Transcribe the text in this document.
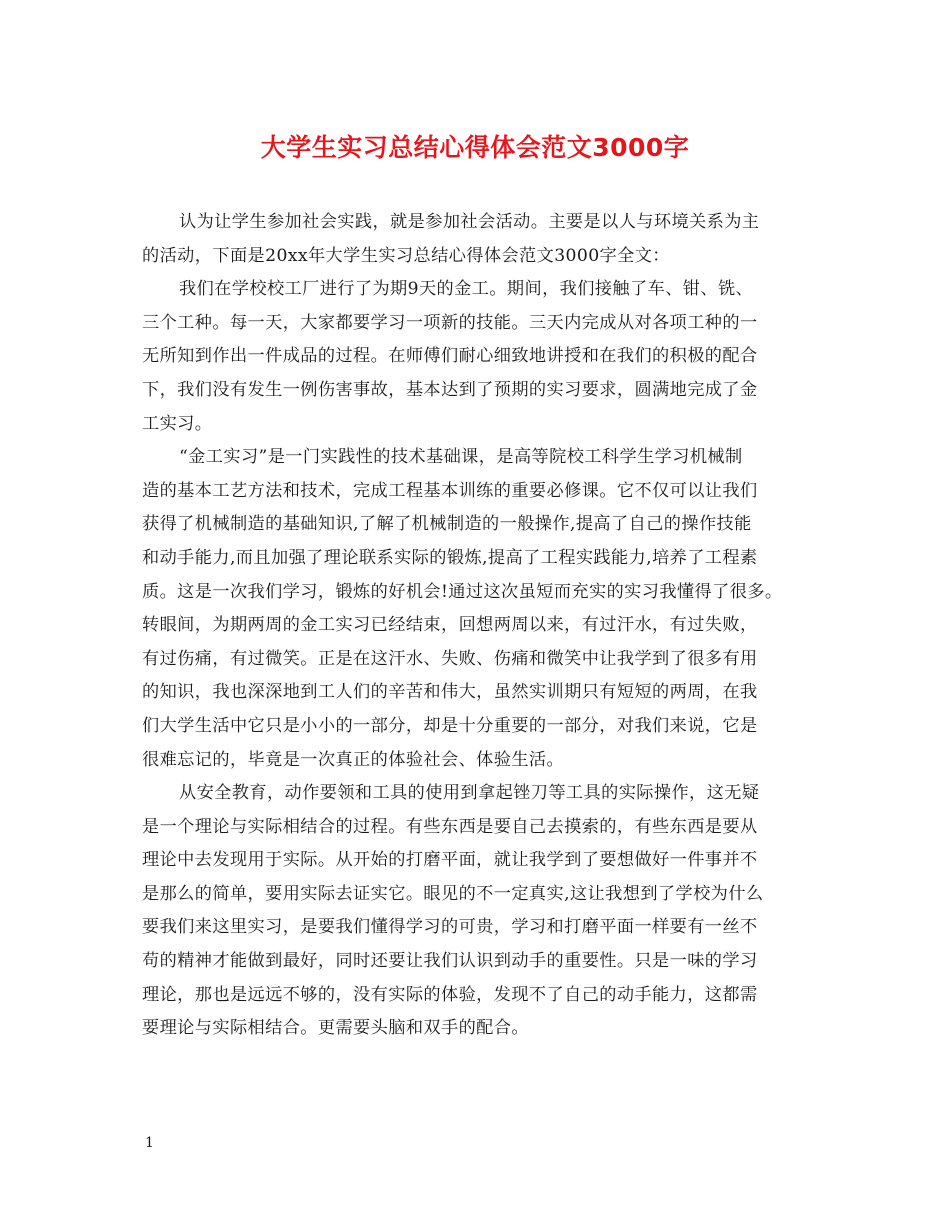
大学生实习总结心得体会范文3000字
认为让学生参加社会实践，就是参加社会活动。主要是以人与环境关系为主
的活动，下面是20xx年大学生实习总结心得体会范文3000字全文：
我们在学校校工厂进行了为期9天的金工。期间，我们接触了车、钳、铣、
三个工种。每一天，大家都要学习一项新的技能。三天内完成从对各项工种的一
无所知到作出一件成品的过程。在师傅们耐心细致地讲授和在我们的积极的配合
下，我们没有发生一例伤害事故，基本达到了预期的实习要求，圆满地完成了金
工实习。
“金工实习”是一门实践性的技术基础课，是高等院校工科学生学习机械制
造的基本工艺方法和技术，完成工程基本训练的重要必修课。它不仅可以让我们
获得了机械制造的基础知识,了解了机械制造的一般操作,提高了自己的操作技能
和动手能力,而且加强了理论联系实际的锻炼,提高了工程实践能力,培养了工程素
质。这是一次我们学习，锻炼的好机会!通过这次虽短而充实的实习我懂得了很多。
转眼间，为期两周的金工实习已经结束，回想两周以来，有过汗水，有过失败，
有过伤痛，有过微笑。正是在这汗水、失败、伤痛和微笑中让我学到了很多有用
的知识，我也深深地到工人们的辛苦和伟大，虽然实训期只有短短的两周，在我
们大学生活中它只是小小的一部分，却是十分重要的一部分，对我们来说，它是
很难忘记的，毕竟是一次真正的体验社会、体验生活。
从安全教育，动作要领和工具的使用到拿起锉刀等工具的实际操作，这无疑
是一个理论与实际相结合的过程。有些东西是要自己去摸索的，有些东西是要从
理论中去发现用于实际。从开始的打磨平面，就让我学到了要想做好一件事并不
是那么的简单，要用实际去证实它。眼见的不一定真实,这让我想到了学校为什么
要我们来这里实习，是要我们懂得学习的可贵，学习和打磨平面一样要有一丝不
苟的精神才能做到最好，同时还要让我们认识到动手的重要性。只是一味的学习
理论，那也是远远不够的，没有实际的体验，发现不了自己的动手能力，这都需
要理论与实际相结合。更需要头脑和双手的配合。
1
